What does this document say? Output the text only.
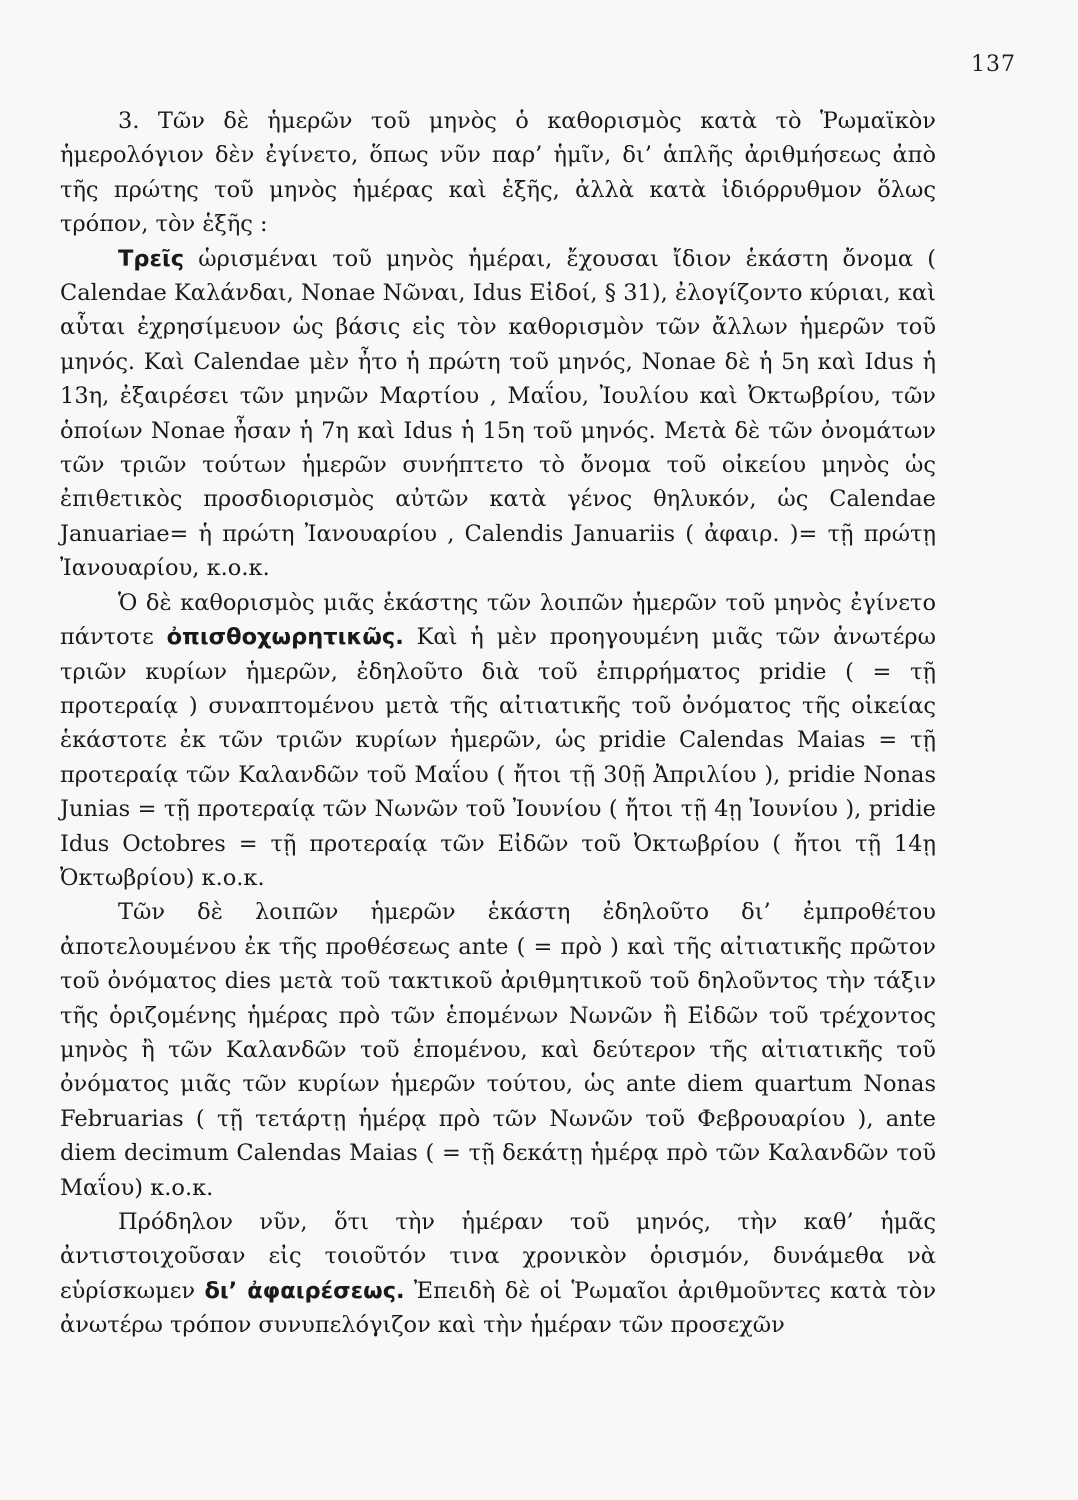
137

3. Τῶν δὲ ἡμερῶν τοῦ μηνὸς ὁ καθορισμὸς κατὰ τὸ Ῥωμαϊκὸν ἡμερολόγιον δὲν ἐγίνετο, ὅπως νῦν παρ’ ἡμῖν, δι’ ἁπλῆς ἀριθμήσεως ἀπὸ τῆς πρώτης τοῦ μηνὸς ἡμέρας καὶ ἑξῆς, ἀλλὰ κατὰ ἰδιόρρυθμον ὅλως τρόπον, τὸν ἑξῆς :

Τρεῖς ὡρισμέναι τοῦ μηνὸς ἡμέραι, ἔχουσαι ἴδιον ἑκάστη ὄνομα ( Calendae Καλάνδαι, Nonae Νῶναι, Idus Εἰδοί, § 31), ἐλογίζοντο κύριαι, καὶ αὗται ἐχρησίμευον ὡς βάσις εἰς τὸν καθορισμὸν τῶν ἄλλων ἡμερῶν τοῦ μηνός. Καὶ Calendae μὲν ἦτο ἡ πρώτη τοῦ μηνός, Nonae δὲ ἡ 5η καὶ Idus ἡ 13η, ἐξαιρέσει τῶν μηνῶν Μαρτίου , Μαΐου, Ἰουλίου καὶ Ὀκτωβρίου, τῶν ὁποίων Nonae ἦσαν ἡ 7η καὶ Idus ἡ 15η τοῦ μηνός. Μετὰ δὲ τῶν ὀνομάτων τῶν τριῶν τούτων ἡμερῶν συνήπτετο τὸ ὄνομα τοῦ οἰκείου μηνὸς ὡς ἐπιθετικὸς προσδιορισμὸς αὐτῶν κατὰ γένος θηλυκόν, ὡς Calendae Januariae= ἡ πρώτη Ἰανουαρίου , Calendis Januariis ( ἀφαιρ. )= τῇ πρώτῃ Ἰανουαρίου, κ.ο.κ.

Ὁ δὲ καθορισμὸς μιᾶς ἑκάστης τῶν λοιπῶν ἡμερῶν τοῦ μηνὸς ἐγίνετο πάντοτε ὀπισθοχωρητικῶς. Καὶ ἡ μὲν προηγουμένη μιᾶς τῶν ἀνωτέρω τριῶν κυρίων ἡμερῶν, ἐδηλοῦτο διὰ τοῦ ἐπιρρήματος pridie ( = τῇ προτεραίᾳ ) συναπτομένου μετὰ τῆς αἰτιατικῆς τοῦ ὀνόματος τῆς οἰκείας ἑκάστοτε ἐκ τῶν τριῶν κυρίων ἡμερῶν, ὡς pridie Calendas Maias = τῇ προτεραίᾳ τῶν Καλανδῶν τοῦ Μαΐου ( ἤτοι τῇ 30ῇ Ἀπριλίου ), pridie Nonas Junias = τῇ προτεραίᾳ τῶν Νωνῶν τοῦ Ἰουνίου ( ἤτοι τῇ 4ῃ Ἰουνίου ), pridie Idus Octobres = τῇ προτεραίᾳ τῶν Εἰδῶν τοῦ Ὀκτωβρίου ( ἤτοι τῇ 14ῃ Ὀκτωβρίου) κ.ο.κ.

Τῶν δὲ λοιπῶν ἡμερῶν ἑκάστη ἐδηλοῦτο δι’ ἐμπροθέτου ἀποτελουμένου ἐκ τῆς προθέσεως ante ( = πρὸ ) καὶ τῆς αἰτιατικῆς πρῶτον τοῦ ὀνόματος dies μετὰ τοῦ τακτικοῦ ἀριθμητικοῦ τοῦ δηλοῦντος τὴν τάξιν τῆς ὁριζομένης ἡμέρας πρὸ τῶν ἑπομένων Νωνῶν ἢ Εἰδῶν τοῦ τρέχοντος μηνὸς ἢ τῶν Καλανδῶν τοῦ ἑπομένου, καὶ δεύτερον τῆς αἰτιατικῆς τοῦ ὀνόματος μιᾶς τῶν κυρίων ἡμερῶν τούτου, ὡς ante diem quartum Nonas Februarias ( τῇ τετάρτῃ ἡμέρᾳ πρὸ τῶν Νωνῶν τοῦ Φεβρουαρίου ), ante diem decimum Calendas Maias ( = τῇ δεκάτῃ ἡμέρᾳ πρὸ τῶν Καλανδῶν τοῦ Μαΐου) κ.ο.κ.

Πρόδηλον νῦν, ὅτι τὴν ἡμέραν τοῦ μηνός, τὴν καθ’ ἡμᾶς ἀντιστοιχοῦσαν εἰς τοιοῦτόν τινα χρονικὸν ὁρισμόν, δυνάμεθα νὰ εὑρίσκωμεν δι’ ἀφαιρέσεως. Ἐπειδὴ δὲ οἱ Ῥωμαῖοι ἀριθμοῦντες κατὰ τὸν ἀνωτέρω τρόπον συνυπελόγιζον καὶ τὴν ἡμέραν τῶν προσεχῶν
